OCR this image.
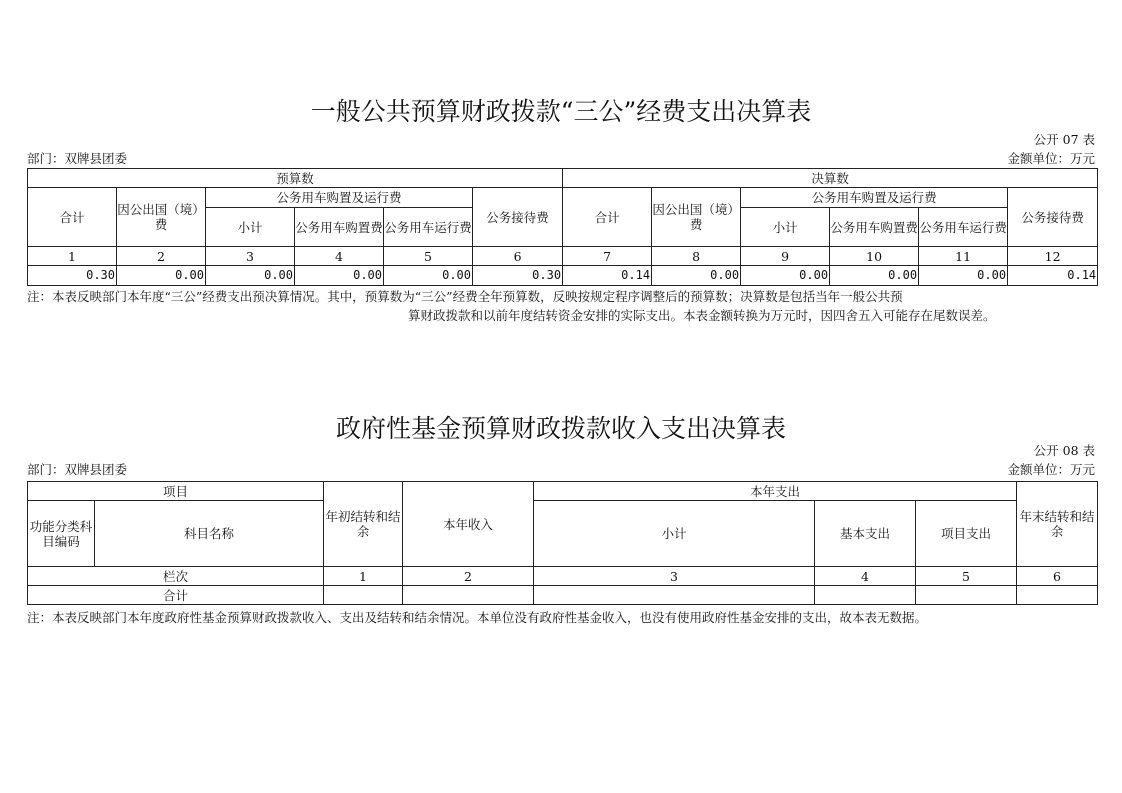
一般公共预算财政拨款“三公”经费支出决算表
公开 07 表
部门：双牌县团委	金额单位：万元
预算数						决算数					
合计	因公出国（境）费	公务用车购置及运行费			公务接待费	合计	因公出国（境）费	公务用车购置及运行费			公务接待费
		小计	公务用车购置费	公务用车运行费				小计	公务用车购置费	公务用车运行费	
1	2	3	4	5	6	7	8	9	10	11	12
0.30	0.00	0.00	0.00	0.00	0.30	0.14	0.00	0.00	0.00	0.00	0.14
注：本表反映部门本年度“三公”经费支出预决算情况。其中，预算数为“三公”经费全年预算数，反映按规定程序调整后的预算数；决算数是包括当年一般公共预
算财政拨款和以前年度结转资金安排的实际支出。本表金额转换为万元时，因四舍五入可能存在尾数误差。
政府性基金预算财政拨款收入支出决算表
公开 08 表
部门：双牌县团委	金额单位：万元
项目		年初结转和结余	本年收入	本年支出			年末结转和结余
功能分类科目编码	科目名称			小计	基本支出	项目支出	

栏次		1	2	3	4	5	6
合计							
注：本表反映部门本年度政府性基金预算财政拨款收入、支出及结转和结余情况。本单位没有政府性基金收入，也没有使用政府性基金安排的支出，故本表无数据。
